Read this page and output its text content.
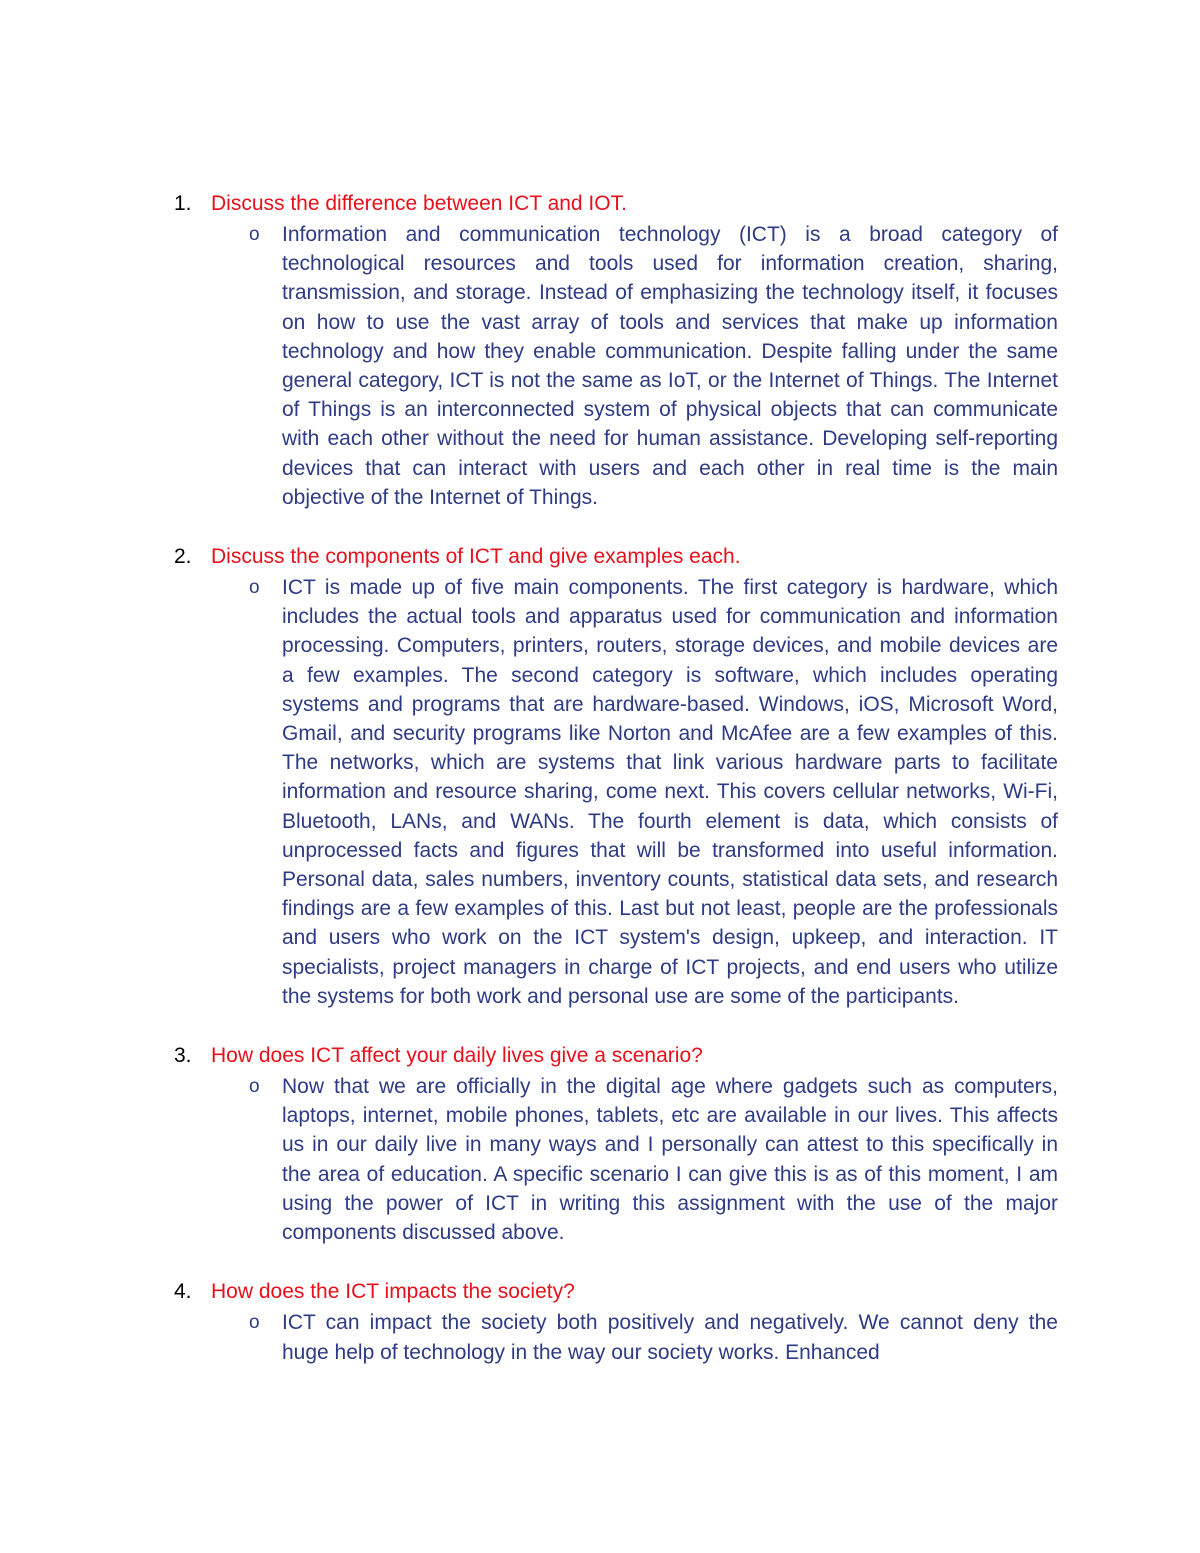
1. Discuss the difference between ICT and IOT.
o Information and communication technology (ICT) is a broad category of technological resources and tools used for information creation, sharing, transmission, and storage. Instead of emphasizing the technology itself, it focuses on how to use the vast array of tools and services that make up information technology and how they enable communication. Despite falling under the same general category, ICT is not the same as IoT, or the Internet of Things. The Internet of Things is an interconnected system of physical objects that can communicate with each other without the need for human assistance. Developing self-reporting devices that can interact with users and each other in real time is the main objective of the Internet of Things.
2. Discuss the components of ICT and give examples each.
o ICT is made up of five main components. The first category is hardware, which includes the actual tools and apparatus used for communication and information processing. Computers, printers, routers, storage devices, and mobile devices are a few examples. The second category is software, which includes operating systems and programs that are hardware-based. Windows, iOS, Microsoft Word, Gmail, and security programs like Norton and McAfee are a few examples of this. The networks, which are systems that link various hardware parts to facilitate information and resource sharing, come next. This covers cellular networks, Wi-Fi, Bluetooth, LANs, and WANs. The fourth element is data, which consists of unprocessed facts and figures that will be transformed into useful information. Personal data, sales numbers, inventory counts, statistical data sets, and research findings are a few examples of this. Last but not least, people are the professionals and users who work on the ICT system's design, upkeep, and interaction. IT specialists, project managers in charge of ICT projects, and end users who utilize the systems for both work and personal use are some of the participants.
3. How does ICT affect your daily lives give a scenario?
o Now that we are officially in the digital age where gadgets such as computers, laptops, internet, mobile phones, tablets, etc are available in our lives. This affects us in our daily live in many ways and I personally can attest to this specifically in the area of education. A specific scenario I can give this is as of this moment, I am using the power of ICT in writing this assignment with the use of the major components discussed above.
4. How does the ICT impacts the society?
o ICT can impact the society both positively and negatively. We cannot deny the huge help of technology in the way our society works. Enhanced
